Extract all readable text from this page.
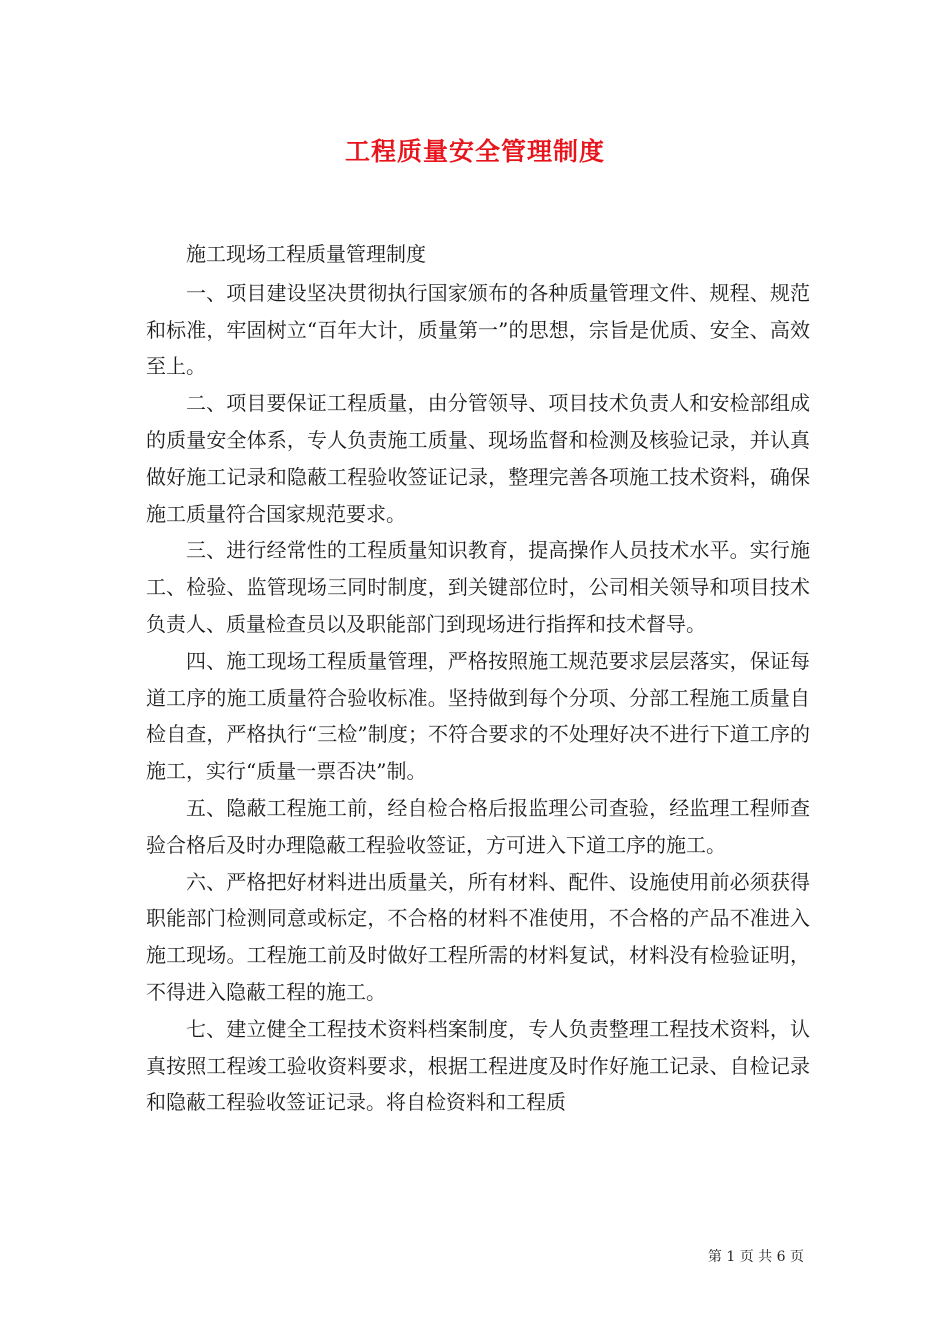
工程质量安全管理制度

施工现场工程质量管理制度

一、项目建设坚决贯彻执行国家颁布的各种质量管理文件、规程、规范和标准，牢固树立“百年大计，质量第一”的思想，宗旨是优质、安全、高效至上。

二、项目要保证工程质量，由分管领导、项目技术负责人和安检部组成的质量安全体系，专人负责施工质量、现场监督和检测及核验记录，并认真做好施工记录和隐蔽工程验收签证记录，整理完善各项施工技术资料，确保施工质量符合国家规范要求。

三、进行经常性的工程质量知识教育，提高操作人员技术水平。实行施工、检验、监管现场三同时制度，到关键部位时，公司相关领导和项目技术负责人、质量检查员以及职能部门到现场进行指挥和技术督导。

四、施工现场工程质量管理，严格按照施工规范要求层层落实，保证每道工序的施工质量符合验收标准。坚持做到每个分项、分部工程施工质量自检自查，严格执行“三检”制度；不符合要求的不处理好决不进行下道工序的施工，实行“质量一票否决”制。

五、隐蔽工程施工前，经自检合格后报监理公司查验，经监理工程师查验合格后及时办理隐蔽工程验收签证，方可进入下道工序的施工。

六、严格把好材料进出质量关，所有材料、配件、设施使用前必须获得职能部门检测同意或标定，不合格的材料不准使用，不合格的产品不准进入施工现场。工程施工前及时做好工程所需的材料复试，材料没有检验证明，不得进入隐蔽工程的施工。

七、建立健全工程技术资料档案制度，专人负责整理工程技术资料，认真按照工程竣工验收资料要求，根据工程进度及时作好施工记录、自检记录和隐蔽工程验收签证记录。将自检资料和工程质

第 1 页 共 6 页
